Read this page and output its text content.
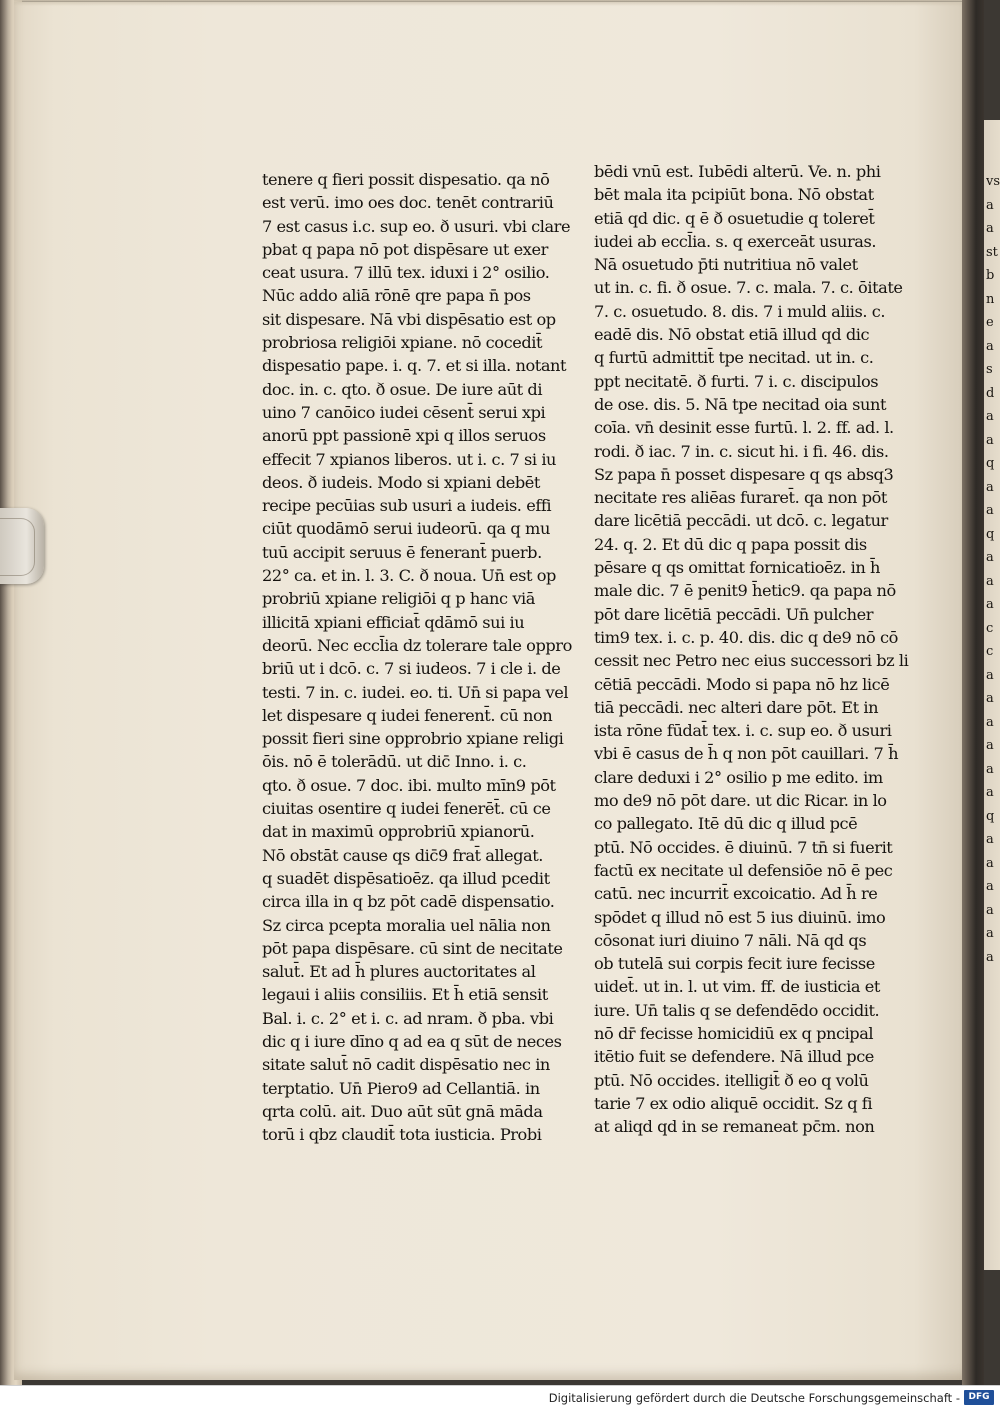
vsaastbneasdaaqaaqaaaccaaaaaaqaaaaaa
tenere q fieri possit dispesatio. qa nō
est verū. imo oes doc. tenēt contrariū
7 est casus i.c. sup eo. ð usuri. vbi clare
pbat q papa nō pot dispēsare ut exer
ceat usura. 7 illū tex. iduxi i 2° osilio.
Nūc addo aliā rōnē qre papa n̄ pos
sit dispesare. Nā vbi dispēsatio est op
probriosa religiōi xpiane. nō cocedit̄
dispesatio pape. i. q. 7. et si illa. notant
doc. in. c. qto. ð osue. De iure aūt di
uino 7 canōico iudei cēsent̄ serui xpi
anorū ppt passionē xpi q illos seruos
effecit 7 xpianos liberos. ut i. c. 7 si iu
deos. ð iudeis. Modo si xpiani debēt
recipe pecūias sub usuri a iudeis. effi
ciūt quodāmō serui iudeorū. qa q mu
tuū accipit seruus ē fenerant̄ puerb.
22° ca. et in. l. 3. C. ð noua. Un̄ est op
probriū xpiane religiōi q p hanc viā
illicitā xpiani efficiat̄ qdāmō sui iu
deorū. Nec eccl̄ia dz tolerare tale oppro
briū ut i dcō. c. 7 si iudeos. 7 i cle i. de
testi. 7 in. c. iudei. eo. ti. Un̄ si papa vel
let dispesare q iudei fenerent̄. cū non
possit fieri sine opprobrio xpiane religi
ōis. nō ē tolerādū. ut dic̄ Inno. i. c.
qto. ð osue. 7 doc. ibi. multo mīn9 pōt
ciuitas osentire q iudei fenerēt̄. cū ce
dat in maximū opprobriū xpianorū.
Nō obstāt cause qs dic̄9 frat̄ allegat.
q suadēt dispēsatioēz. qa illud pcedit
circa illa in q bz pōt cadē dispensatio.
Sz circa pcepta moralia uel nālia non
pōt papa dispēsare. cū sint de necitate
salut̄. Et ad h̄ plures auctoritates al
legaui i aliis consiliis. Et h̄ etiā sensit
Bal. i. c. 2° et i. c. ad nram. ð pba. vbi
dic q i iure dīno q ad ea q sūt de neces
sitate salut̄ nō cadit dispēsatio nec in
terptatio. Un̄ Piero9 ad Cellantiā. in
qrta colū. ait. Duo aūt sūt gnā māda
torū i qbz claudit̄ tota iusticia. Probi
bēdi vnū est. Iubēdi alterū. Ve. n. phi
bēt mala ita pcipiūt bona. Nō obstat
etiā qd dic. q ē ð osuetudie q toleret̄
iudei ab eccl̄ia. s. q exerceāt usuras.
Nā osuetudo p̄ti nutritiua nō valet
ut in. c. fi. ð osue. 7. c. mala. 7. c. ōitate
7. c. osuetudo. 8. dis. 7 i muld aliis. c.
eadē dis. Nō obstat etiā illud qd dic
q furtū admittit̄ tpe necitad. ut in. c.
ppt necitatē. ð furti. 7 i. c. discipulos
de ose. dis. 5. Nā tpe necitad oia sunt
coīa. vn̄ desinit esse furtū. l. 2. ff. ad. l.
rodi. ð iac. 7 in. c. sicut hi. i fi. 46. dis.
Sz papa n̄ posset dispesare q qs absq3
necitate res aliēas furaret̄. qa non pōt
dare licētiā peccādi. ut dcō. c. legatur
24. q. 2. Et dū dic q papa possit dis
pēsare q qs omittat fornicatioēz. in h̄
male dic. 7 ē penit9 h̄etic9. qa papa nō
pōt dare licētiā peccādi. Un̄ pulcher
tim9 tex. i. c. p. 40. dis. dic q de9 nō cō
cessit nec Petro nec eius successori bz li
cētiā peccādi. Modo si papa nō hz licē
tiā peccādi. nec alteri dare pōt. Et in
ista rōne fūdat̄ tex. i. c. sup eo. ð usuri
vbi ē casus de h̄ q non pōt cauillari. 7 h̄
clare deduxi i 2° osilio p me edito. im
mo de9 nō pōt dare. ut dic Ricar. in lo
co pallegato. Itē dū dic q illud pcē
ptū. Nō occides. ē diuinū. 7 tn̄ si fuerit
factū ex necitate ul defensiōe nō ē pec
catū. nec incurrit̄ excoicatio. Ad h̄ re
spōdet q illud nō est 5 ius diuinū. imo
cōsonat iuri diuino 7 nāli. Nā qd qs
ob tutelā sui corpis fecit iure fecisse
uidet̄. ut in. l. ut vim. ff. de iusticia et
iure. Un̄ talis q se defendēdo occidit.
nō dr̄ fecisse homicidiū ex q pncipal
itētio fuit se defendere. Nā illud pce
ptū. Nō occides. itelligit̄ ð eo q volū
tarie 7 ex odio aliquē occidit. Sz q fi
at aliqd qd in se remaneat pc̄m. non
Digitalisierung gefördert durch die Deutsche Forschungsgemeinschaft - DFG
